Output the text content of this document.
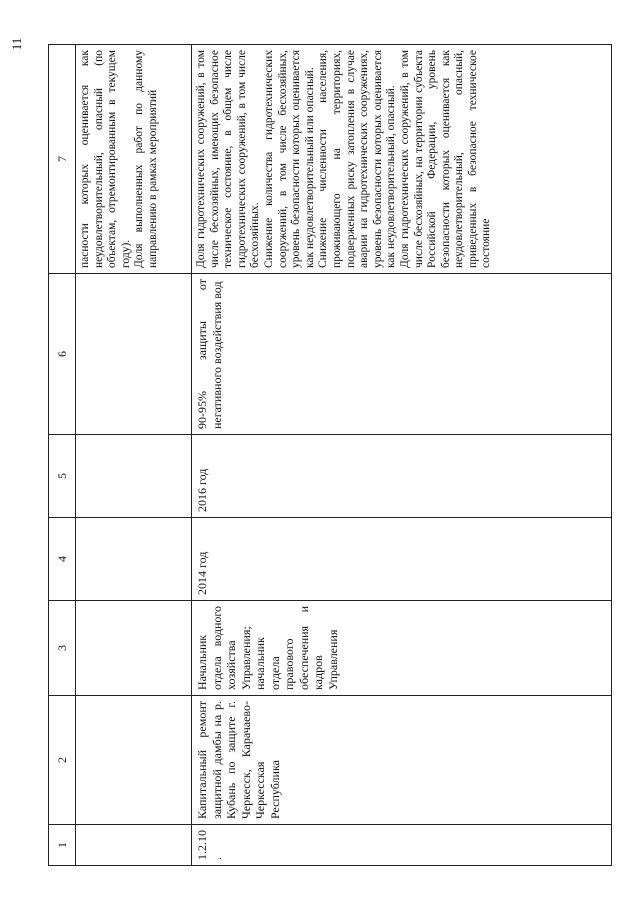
11
1	2	3	4	5	6	7

						пасности которых оценивается как неудовлетворительный, опасный (по объектам, отремонтированным в текущем году). Доля выполненных работ по данному направлению в рамках мероприятий

1.2.10 .	Капитальный ремонт защитной дамбы на р. Кубань по защите г. Черкесск, Карачаево-Черкесская Республика	Начальник отдела водного хозяйства Управления; начальник отдела правового обеспечения и кадров Управления	2014 год	2016 год	90-95% защиты от негативного воздействия вод	Доля гидротехнических сооружений, в том числе бесхозяйных, имеющих безопасное техническое состояние, в общем числе гидротехнических сооружений, в том числе бесхозяйных. Снижение количества гидротехнических сооружений, в том числе бесхозяйных, уровень безопасности которых оценивается как неудовлетворительный или опасный. Снижение численности населения, проживающего на территориях, подверженных риску затопления в случае аварии на гидротехнических сооружениях, уровень безопасности которых оценивается как неудовлетворительный, опасный. Доля гидротехнических сооружений, в том числе бесхозяйных, на территории субъекта Российской Федерации, уровень безопасности которых оценивается как неудовлетворительный, опасный, приведенных в безопасное техническое состояние
